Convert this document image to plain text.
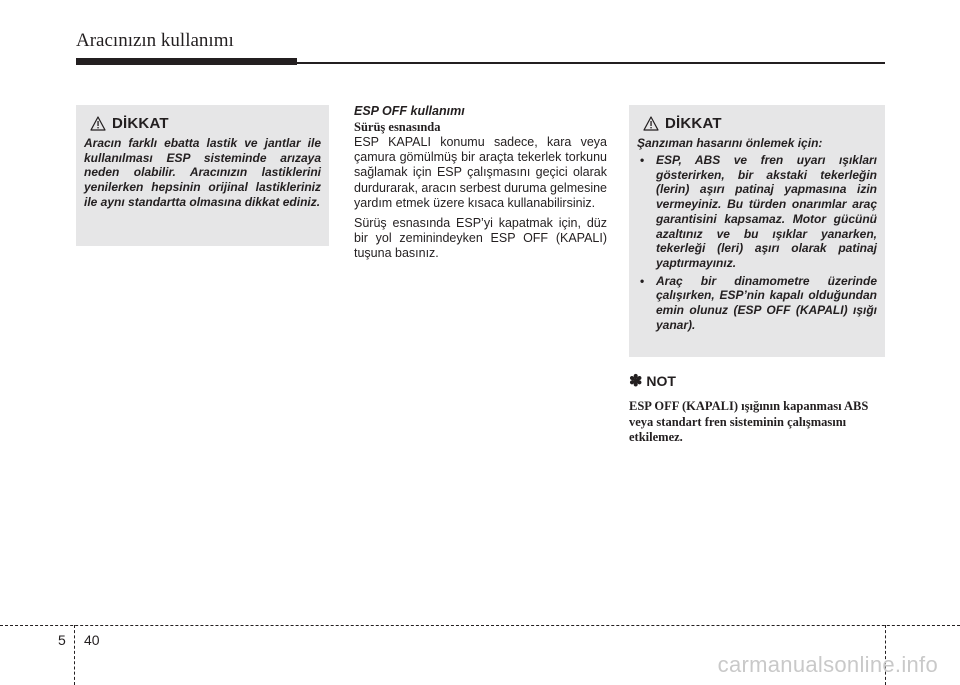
Aracınızın kullanımı
DİKKAT
Aracın farklı ebatta lastik ve jantlar ile kullanılması ESP sisteminde arızaya neden olabilir. Aracınızın lastiklerini yenilerken hepsinin orijinal lastikleriniz ile aynı standartta olmasına dikkat ediniz.
ESP OFF kullanımı
Sürüş esnasında

ESP KAPALI konumu sadece, kara veya çamura gömülmüş bir araçta tekerlek torkunu sağlamak için ESP çalışmasını geçici olarak durdurarak, aracın serbest duruma gelmesine yardım etmek üzere kısaca kullanabilirsiniz.

Sürüş esnasında ESP’yi kapatmak için, düz bir yol zeminindeyken ESP OFF (KAPALI) tuşuna basınız.

DİKKAT
Şanzıman hasarını önlemek için:
• ESP, ABS ve fren uyarı ışıkları gösterirken, bir akstaki tekerleğin (lerin) aşırı patinaj yapmasına izin vermeyiniz. Bu türden onarımlar araç garantisini kapsamaz. Motor gücünü azaltınız ve bu ışıklar yanarken, tekerleği (leri) aşırı olarak patinaj yaptırmayınız.
• Araç bir dinamometre üzerinde çalışırken, ESP’nin kapalı olduğundan emin olunuz (ESP OFF (KAPALI) ışığı yanar).
✽ NOT
ESP OFF (KAPALI) ışığının kapanması ABS veya standart fren sisteminin çalışmasını etkilemez.
5 40
carmanualsonline.info
